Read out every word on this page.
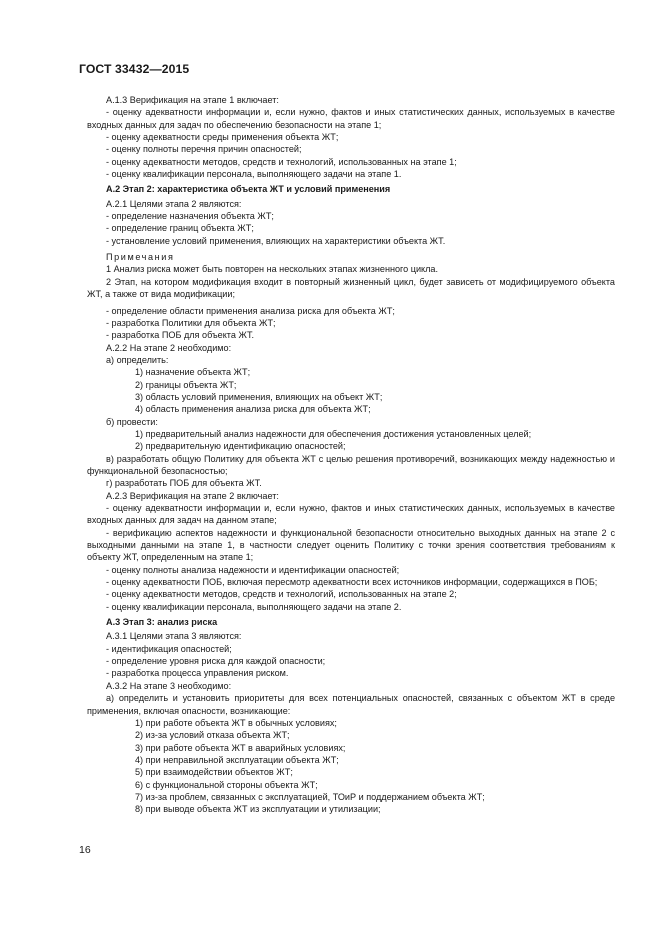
ГОСТ 33432—2015

А.1.3 Верификация на этапе 1 включает:

- оценку адекватности информации и, если нужно, фактов и иных статистических данных, используемых в качестве входных данных для задач по обеспечению безопасности на этапе 1;

- оценку адекватности среды применения объекта ЖТ;

- оценку полноты перечня причин опасностей;

- оценку адекватности методов, средств и технологий, использованных на этапе 1;

- оценку квалификации персонала, выполняющего задачи на этапе 1.

А.2 Этап 2: характеристика объекта ЖТ и условий применения

А.2.1 Целями этапа 2 являются:

- определение назначения объекта ЖТ;

- определение границ объекта ЖТ;

- установление условий применения, влияющих на характеристики объекта ЖТ.

Примечания

1 Анализ риска может быть повторен на нескольких этапах жизненного цикла.

2 Этап, на котором модификация входит в повторный жизненный цикл, будет зависеть от модифицируемого объекта ЖТ, а также от вида модификации;

- определение области применения анализа риска для объекта ЖТ;

- разработка Политики для объекта ЖТ;

- разработка ПОБ для объекта ЖТ.

А.2.2 На этапе 2 необходимо:

а) определить:

1) назначение объекта ЖТ;

2) границы объекта ЖТ;

3) область условий применения, влияющих на объект ЖТ;

4) область применения анализа риска для объекта ЖТ;

б) провести:

1) предварительный анализ надежности для обеспечения достижения установленных целей;

2) предварительную идентификацию опасностей;

в) разработать общую Политику для объекта ЖТ с целью решения противоречий, возникающих между надежностью и функциональной безопасностью;

г) разработать ПОБ для объекта ЖТ.

А.2.3 Верификация на этапе 2 включает:

- оценку адекватности информации и, если нужно, фактов и иных статистических данных, используемых в качестве входных данных для задач на данном этапе;

- верификацию аспектов надежности и функциональной безопасности относительно выходных данных на этапе 2 с выходными данными на этапе 1, в частности следует оценить Политику с точки зрения соответствия требованиям к объекту ЖТ, определенным на этапе 1;

- оценку полноты анализа надежности и идентификации опасностей;

- оценку адекватности ПОБ, включая пересмотр адекватности всех источников информации, содержащихся в ПОБ;

- оценку адекватности методов, средств и технологий, использованных на этапе 2;

- оценку квалификации персонала, выполняющего задачи на этапе 2.

А.3 Этап 3: анализ риска

А.3.1 Целями этапа 3 являются:

- идентификация опасностей;

- определение уровня риска для каждой опасности;

- разработка процесса управления риском.

А.3.2 На этапе 3 необходимо:

а) определить и установить приоритеты для всех потенциальных опасностей, связанных с объектом ЖТ в среде применения, включая опасности, возникающие:

1) при работе объекта ЖТ в обычных условиях;

2) из-за условий отказа объекта ЖТ;

3) при работе объекта ЖТ в аварийных условиях;

4) при неправильной эксплуатации объекта ЖТ;

5) при взаимодействии объектов ЖТ;

6) с функциональной стороны объекта ЖТ;

7) из-за проблем, связанных с эксплуатацией, ТОиР и поддержанием объекта ЖТ;

8) при выводе объекта ЖТ из эксплуатации и утилизации;

16
